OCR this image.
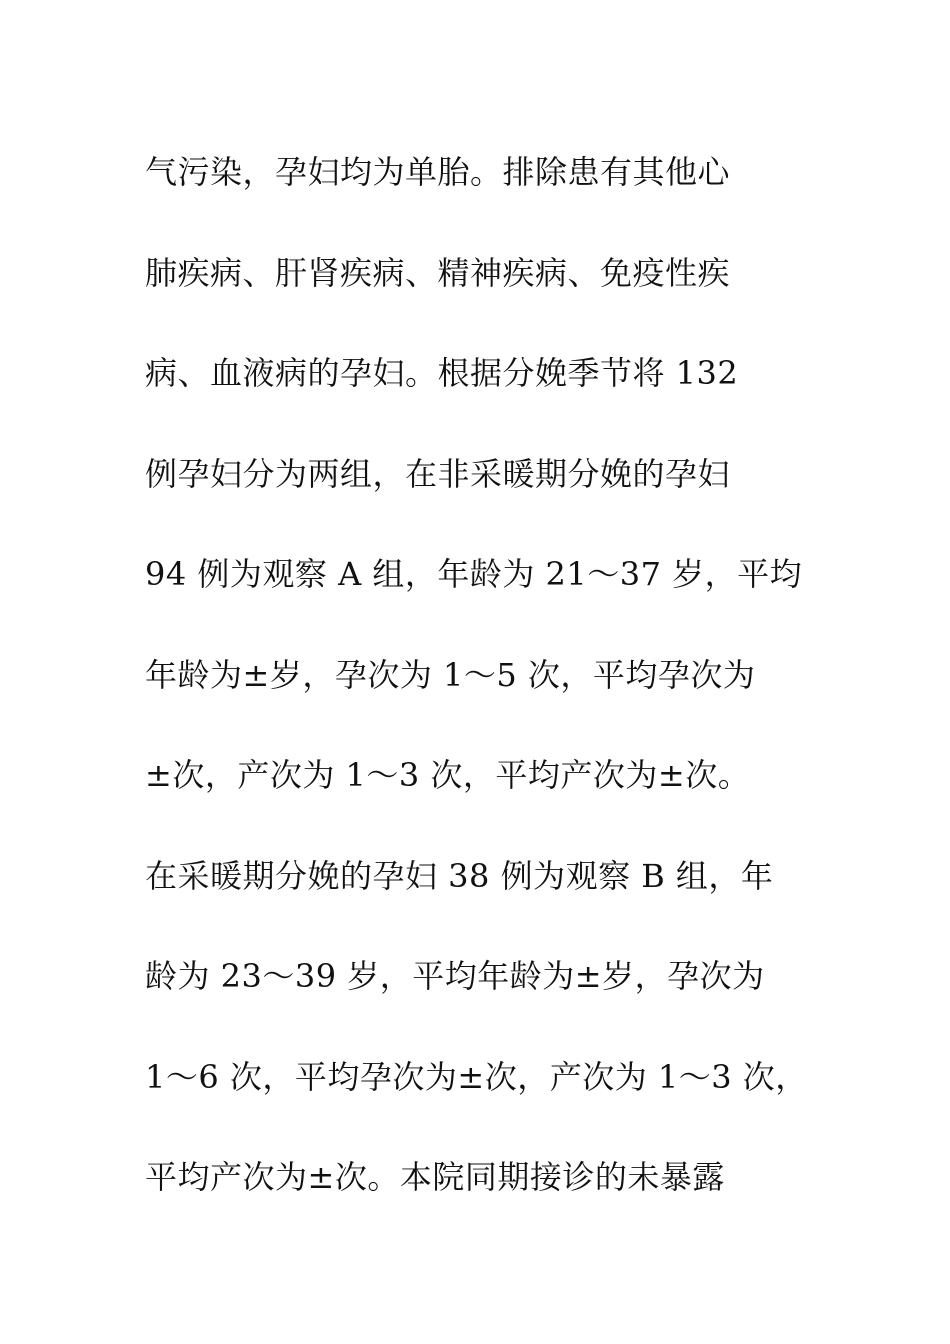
气污染，孕妇均为单胎。排除患有其他心

肺疾病、肝肾疾病、精神疾病、免疫性疾

病、血液病的孕妇。根据分娩季节将 132

例孕妇分为两组，在非采暖期分娩的孕妇

94 例为观察 A 组，年龄为 21～37 岁，平均

年龄为±岁，孕次为 1～5 次，平均孕次为

±次，产次为 1～3 次，平均产次为±次。

在采暖期分娩的孕妇 38 例为观察 B 组，年

龄为 23～39 岁，平均年龄为±岁，孕次为

1～6 次，平均孕次为±次，产次为 1～3 次，

平均产次为±次。本院同期接诊的未暴露
